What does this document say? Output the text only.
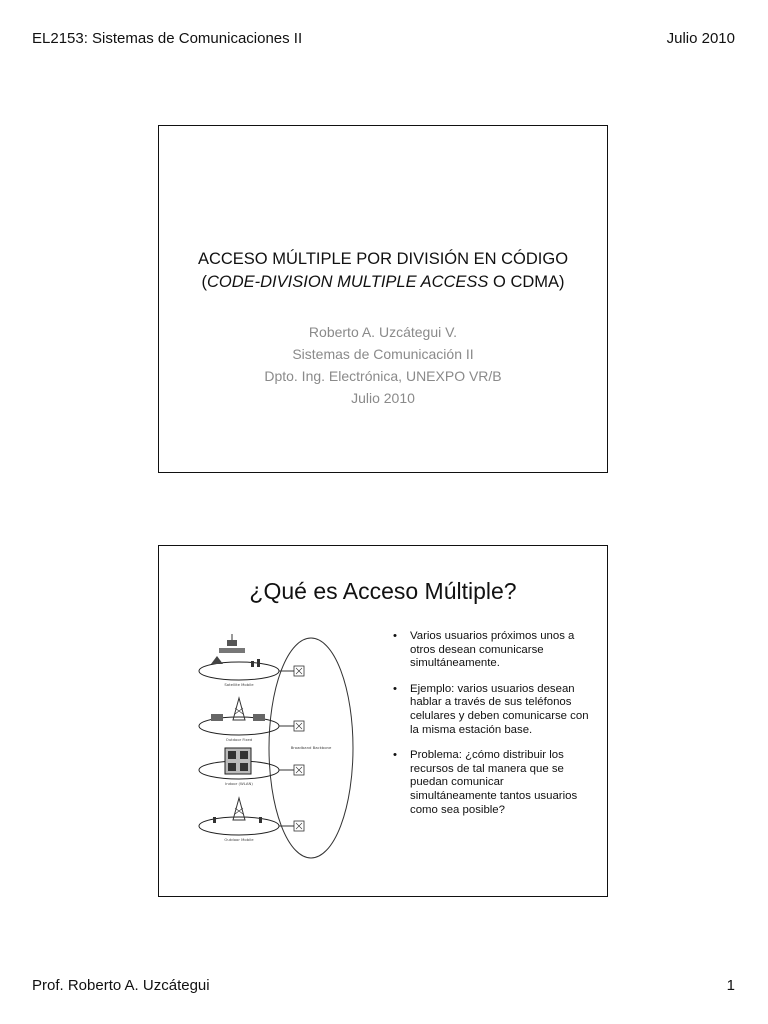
EL2153: Sistemas de Comunicaciones II	Julio 2010
ACCESO MÚLTIPLE POR DIVISIÓN EN CÓDIGO
(CODE-DIVISION MULTIPLE ACCESS O CDMA)
Roberto A. Uzcátegui V.
Sistemas de Comunicación II
Dpto. Ing. Electrónica, UNEXPO VR/B
Julio 2010
¿Qué es Acceso Múltiple?
Broadband Backbone
Satellite Mobile
Outdoor Fixed
Indoor (WLAN)
Outdoor Mobile
• Varios usuarios próximos unos a otros desean comunicarse simultáneamente.
• Ejemplo: varios usuarios desean hablar a través de sus teléfonos celulares y deben comunicarse con la misma estación base.
• Problema: ¿cómo distribuir los recursos de tal manera que se puedan comunicar simultáneamente tantos usuarios como sea posible?
Prof. Roberto A. Uzcátegui	1
